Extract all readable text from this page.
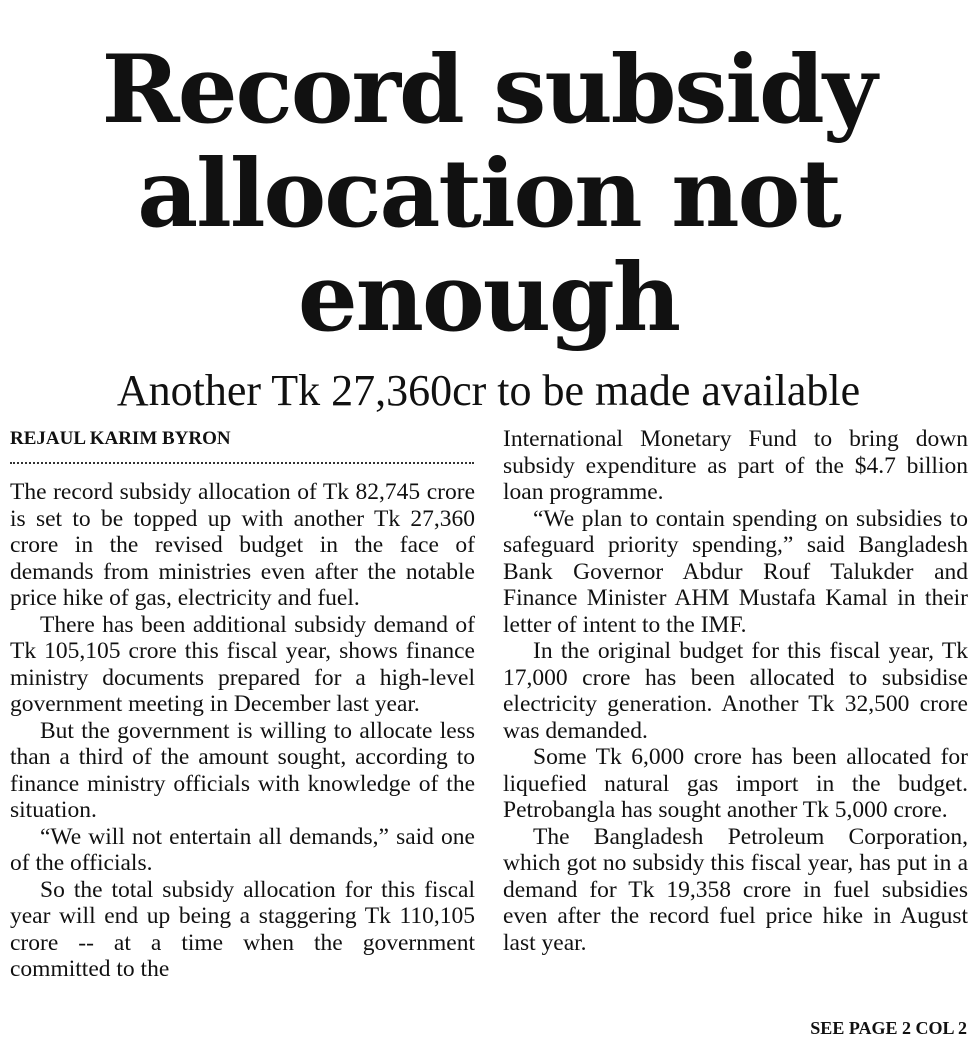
Record subsidy
allocation not
enough
Another Tk 27,360cr to be made available
REJAUL KARIM BYRON

The record subsidy allocation of Tk 82,745 crore is set to be topped up with another Tk 27,360 crore in the revised budget in the face of demands from ministries even after the notable price hike of gas, electricity and fuel.

There has been additional subsidy demand of Tk 105,105 crore this fiscal year, shows finance ministry documents prepared for a high-level government meeting in December last year.

But the government is willing to allocate less than a third of the amount sought, according to finance ministry officials with knowledge of the situation.

“We will not entertain all demands,” said one of the officials.

So the total subsidy allocation for this fiscal year will end up being a staggering Tk 110,105 crore -- at a time when the government committed to the

International Monetary Fund to bring down subsidy expenditure as part of the $4.7 billion loan programme.

“We plan to contain spending on subsidies to safeguard priority spending,” said Bangladesh Bank Governor Abdur Rouf Talukder and Finance Minister AHM Mustafa Kamal in their letter of intent to the IMF.

In the original budget for this fiscal year, Tk 17,000 crore has been allocated to subsidise electricity generation. Another Tk 32,500 crore was demanded.

Some Tk 6,000 crore has been allocated for liquefied natural gas import in the budget. Petrobangla has sought another Tk 5,000 crore.

The Bangladesh Petroleum Corporation, which got no subsidy this fiscal year, has put in a demand for Tk 19,358 crore in fuel subsidies even after the record fuel price hike in August last year.

SEE PAGE 2 COL 2
